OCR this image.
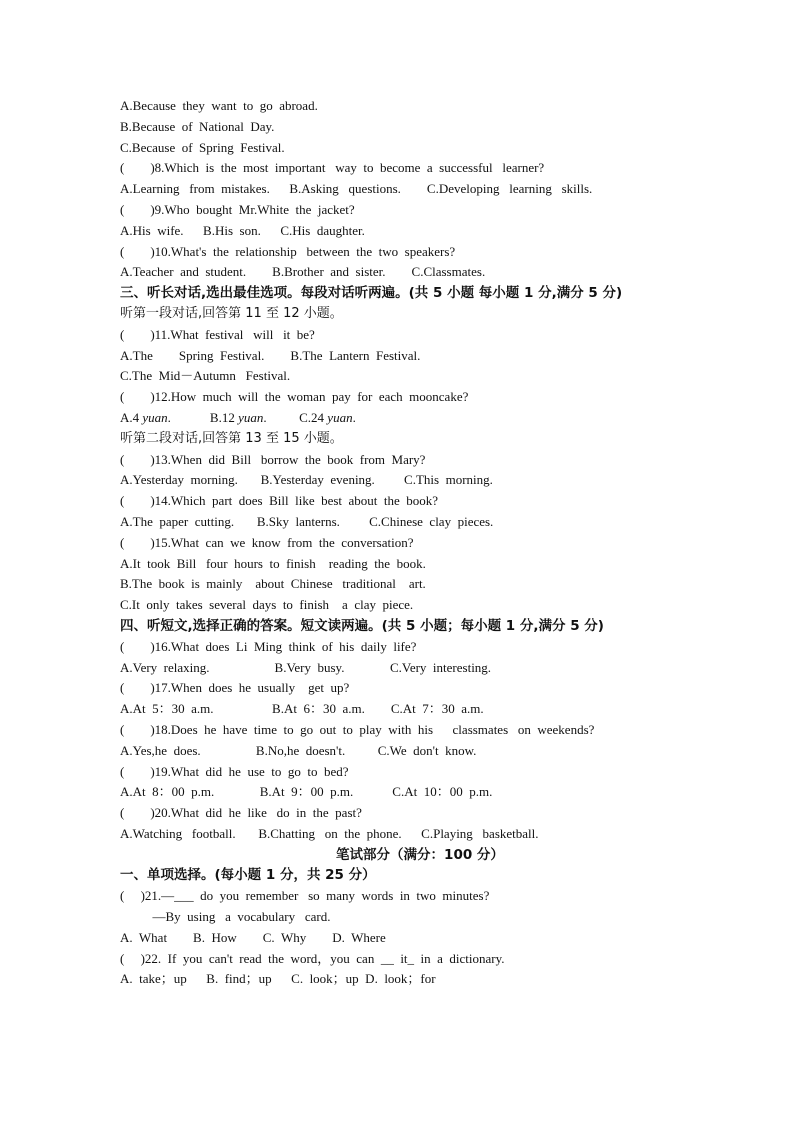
A.Because  they  want  to  go  abroad.
B.Because  of  National  Day.
C.Because  of  Spring  Festival.
(        )8.Which  is  the  most  important   way  to  become  a  successful   learner?
A.Learning   from  mistakes.      B.Asking   questions.        C.Developing   learning   skills.
(        )9.Who  bought  Mr.White  the  jacket?
A.His  wife.      B.His  son.      C.His  daughter.
(        )10.What's  the  relationship   between  the  two  speakers?
A.Teacher  and  student.        B.Brother  and  sister.        C.Classmates.
三、听长对话,选出最佳选项。每段对话听两遍。(共 5 小题 每小题 1 分,满分 5 分)
听第一段对话,回答第 11 至 12 小题。
(        )11.What  festival   will   it  be?
A.The        Spring  Festival.        B.The  Lantern  Festival.
C.The  Mid－Autumn   Festival.
(        )12.How  much  will  the  woman  pay  for  each  mooncake?
A.4 yuan.	B.12 yuan.	C.24 yuan.
听第二段对话,回答第 13 至 15 小题。
(        )13.When  did  Bill   borrow  the  book  from  Mary?
A.Yesterday  morning.       B.Yesterday  evening.         C.This  morning.
(        )14.Which  part  does  Bill  like  best  about  the  book?
A.The  paper  cutting.       B.Sky  lanterns.         C.Chinese  clay  pieces.
(        )15.What  can  we  know  from  the  conversation?
A.It  took  Bill   four  hours  to  finish    reading  the  book.
B.The  book  is  mainly    about  Chinese   traditional    art.
C.It  only  takes  several  days  to  finish    a  clay  piece.
四、听短文,选择正确的答案。短文读两遍。(共 5 小题；每小题 1 分,满分 5 分)
(        )16.What  does  Li  Ming  think  of  his  daily  life?
A.Very  relaxing.                    B.Very  busy.              C.Very  interesting.
(        )17.When  does  he  usually    get  up?
A.At  5：30  a.m.                  B.At  6：30  a.m.        C.At  7：30  a.m.
(        )18.Does  he  have  time  to  go  out  to  play  with  his      classmates   on  weekends?
A.Yes,he  does.                 B.No,he  doesn't.          C.We  don't  know.
(        )19.What  did  he  use  to  go  to  bed?
A.At  8：00  p.m.              B.At  9：00  p.m.            C.At  10：00  p.m.
(        )20.What  did  he  like   do  in  the  past?
A.Watching   football.       B.Chatting   on  the  phone.      C.Playing   basketball.
笔试部分（满分：100 分）
一、单项选择。(每小题 1 分，共 25 分）
(     )21.—___  do  you  remember   so  many  words  in  two  minutes?
—By  using   a  vocabulary   card.
A.  What        B.  How        C.  Why        D.  Where
(     )22.  If  you  can't  read  the  word，you  can  __  it_  in  a  dictionary.
A.  take；up      B.  find；up      C.  look；up  D.  look；for
